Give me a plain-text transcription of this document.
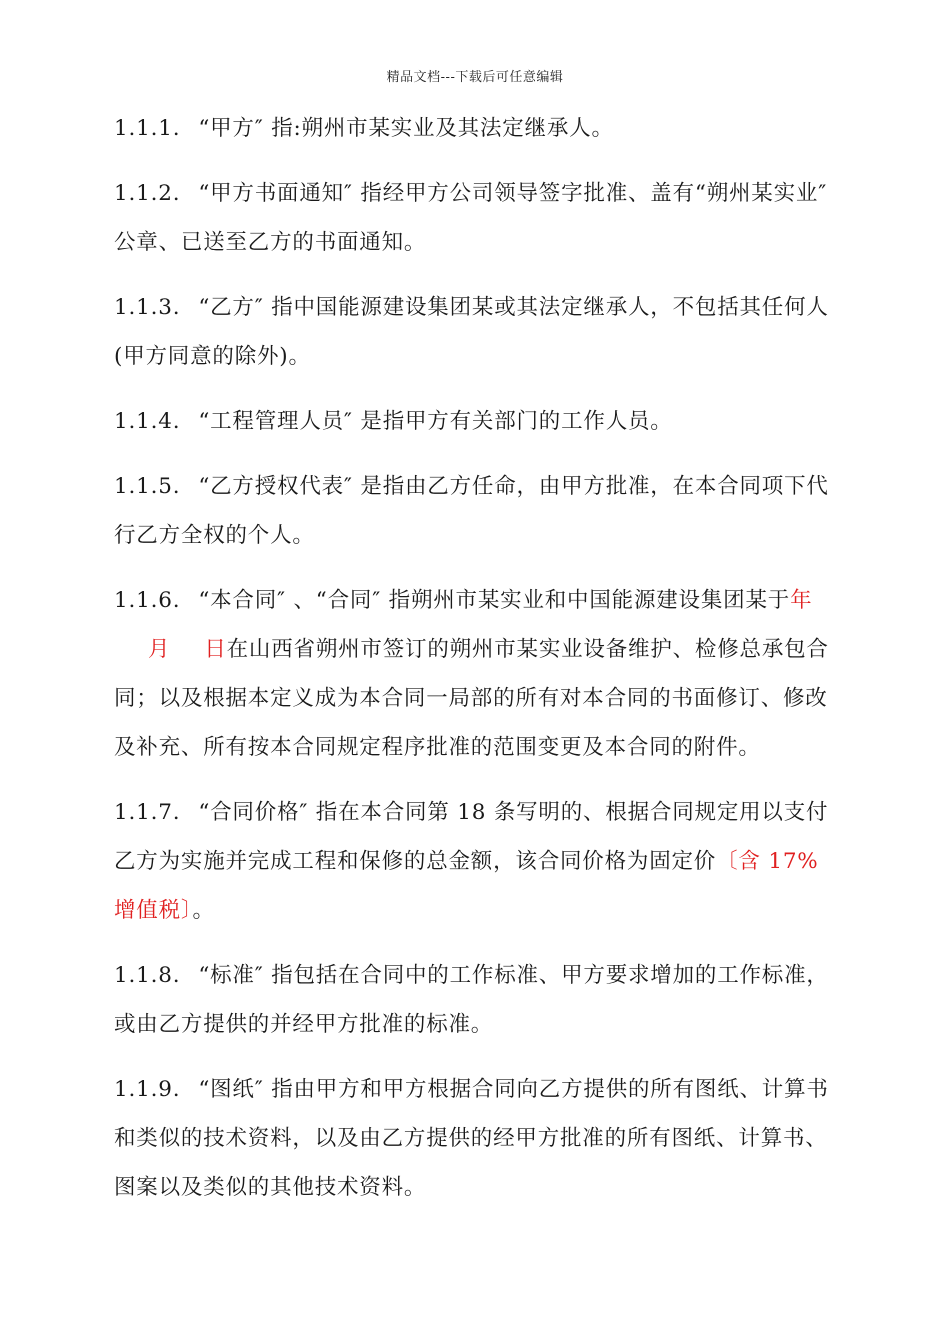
精品文档---下载后可任意编辑

1.1.1. “甲方″ 指:朔州市某实业及其法定继承人。

1.1.2. “甲方书面通知″ 指经甲方公司领导签字批准、盖有“朔州某实业″ 公章、已送至乙方的书面通知。

1.1.3. “乙方″ 指中国能源建设集团某或其法定继承人，不包括其任何人(甲方同意的除外)。

1.1.4. “工程管理人员″ 是指甲方有关部门的工作人员。

1.1.5. “乙方授权代表″ 是指由乙方任命，由甲方批准，在本合同项下代行乙方全权的个人。

1.1.6. “本合同″ 、“合同″ 指朔州市某实业和中国能源建设集团某于年月 日在山西省朔州市签订的朔州市某实业设备维护、检修总承包合同；以及根据本定义成为本合同一局部的所有对本合同的书面修订、修改及补充、所有按本合同规定程序批准的范围变更及本合同的附件。

1.1.7. “合同价格″ 指在本合同第 18 条写明的、根据合同规定用以支付乙方为实施并完成工程和保修的总金额，该合同价格为固定价〔含 17%增值税〕。

1.1.8. “标准″ 指包括在合同中的工作标准、甲方要求增加的工作标准，或由乙方提供的并经甲方批准的标准。

1.1.9. “图纸″ 指由甲方和甲方根据合同向乙方提供的所有图纸、计算书和类似的技术资料，以及由乙方提供的经甲方批准的所有图纸、计算书、图案以及类似的其他技术资料。
